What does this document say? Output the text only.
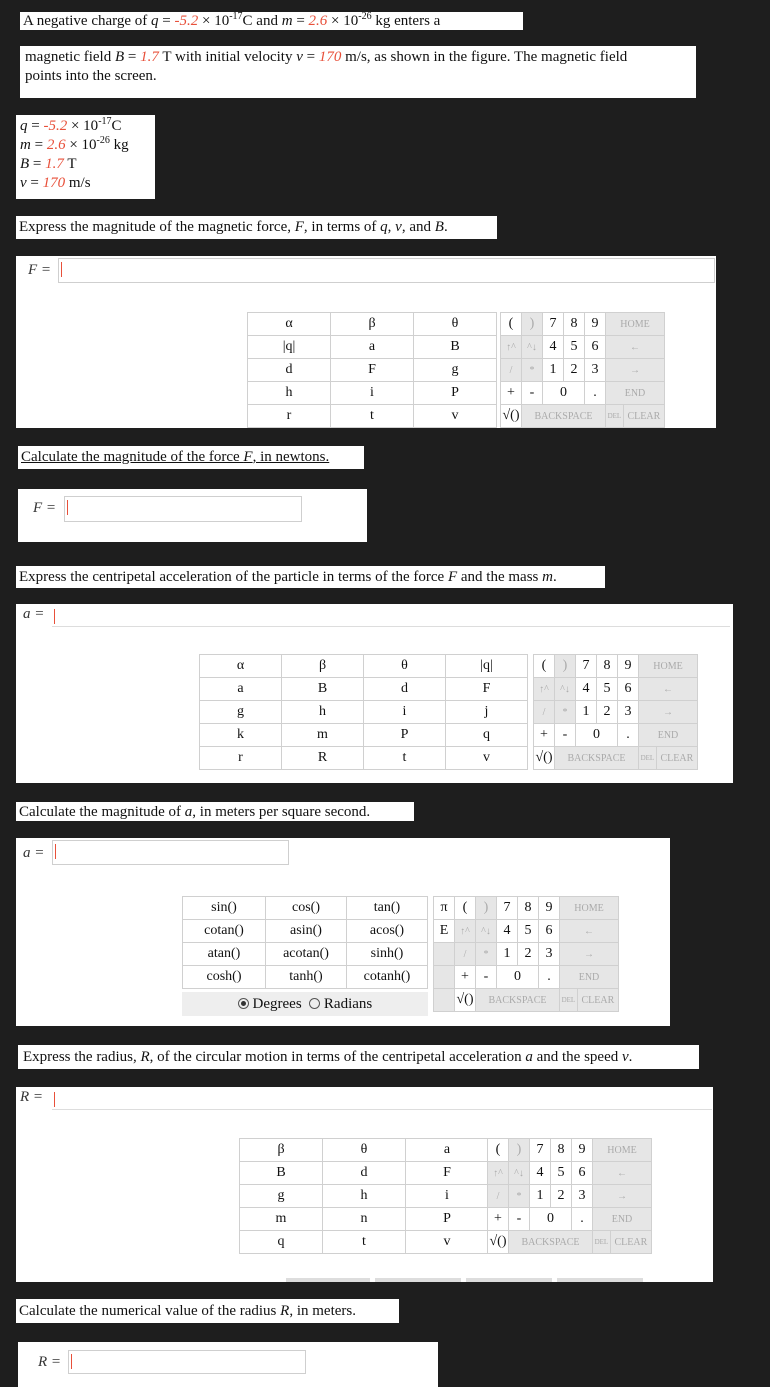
A negative charge of $q = -5.2 \times 10^{-17}C$ and $m = 2.6 \times 10^{-26}$ kg enters a
magnetic field B = 1.7 T with initial velocity v = 170 m/s, as shown in the figure. The magnetic field
points into the screen.
$q = -5.2 \times 10^{-17}C$
$m = 2.6 \times 10^{-26}$ kg
B = 1.7 T
v = 170 m/s
Express the magnitude of the magnetic force, F, in terms of q, v, and B.
F =
α	β	θ
|q|	a	B
d	F	g
h	i	P
r	t	v
(	)	7	8	9	HOME	
↑^	^↓	4	5	6	←	
/	*	1	2	3	→	
+	-	0		.	END	
√()	BACKSPACE				DEL	CLEAR
Calculate the magnitude of the force F, in newtons.
F =
Express the centripetal acceleration of the particle in terms of the force F and the mass m.
a =
α	β	θ	|q|
a	B	d	F
g	h	i	j
k	m	P	q
r	R	t	v
(	)	7	8	9	HOME	
↑^	^↓	4	5	6	←	
/	*	1	2	3	→	
+	-	0		.	END	
√()	BACKSPACE				DEL	CLEAR
Calculate the magnitude of a, in meters per square second.
a =
sin()	cos()	tan()
cotan()	asin()	acos()
atan()	acotan()	sinh()
cosh()	tanh()	cotanh()
Degrees Radians
π	(	)	7	8	9	HOME	
E	↑^	^↓	4	5	6	←	
	/	*	1	2	3	→	
	+	-	0		.	END	
	√()	BACKSPACE				DEL	CLEAR
Express the radius, R, of the circular motion in terms of the centripetal acceleration a and the speed v.
R =
β	θ	a
B	d	F
g	h	i
m	n	P
q	t	v
(	)	7	8	9	HOME	
↑^	^↓	4	5	6	←	
/	*	1	2	3	→	
+	-	0		.	END	
√()	BACKSPACE				DEL	CLEAR
Calculate the numerical value of the radius R, in meters.
R =
